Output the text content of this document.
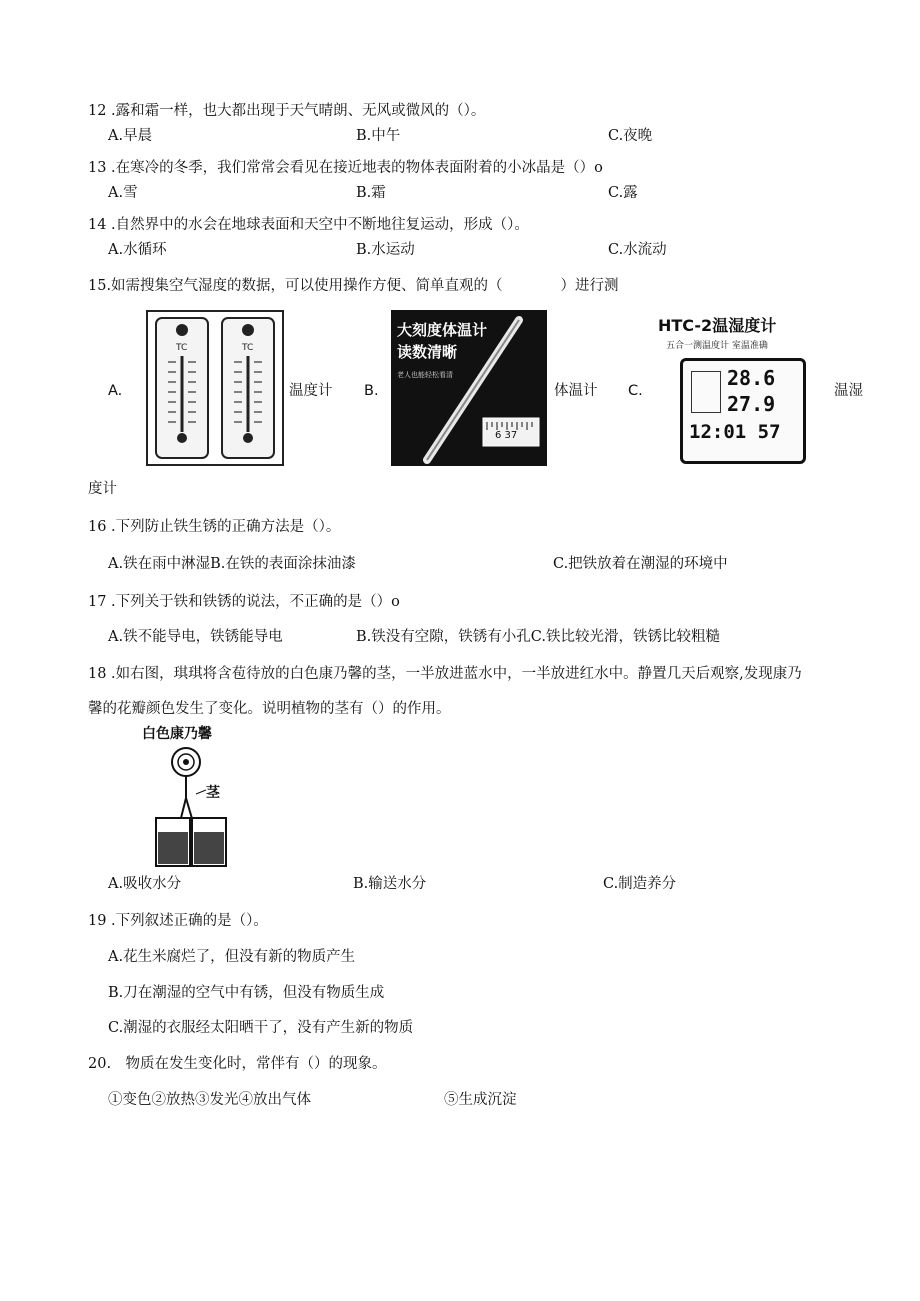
12 .露和霜一样，也大都出现于天气晴朗、无风或微风的（）。
A.早晨	B.中午	C.夜晚
13 .在寒冷的冬季，我们常常会看见在接近地表的物体表面附着的小冰晶是（）o
A.雪	B.霜	C.露
14 .自然界中的水会在地球表面和天空中不断地往复运动，形成（）。
A.水循环	B.水运动	C.水流动
15.如需搜集空气湿度的数据，可以使用操作方便、简单直观的（　　　　）进行测
A.
TC	TC
温度计 B.
大刻度体温计
读数清晰
老人也能轻松看清
6 37
体温计 C.
HTC-2温湿度计
五合一测温度计 室温准确
28.6
27.9
12:01 57
温湿
度计
16 .下列防止铁生锈的正确方法是（）。
A.铁在雨中淋湿B.在铁的表面涂抹油漆	C.把铁放着在潮湿的环境中
17 .下列关于铁和铁锈的说法，不正确的是（）o
A.铁不能导电，铁锈能导电	B.铁没有空隙，铁锈有小孔C.铁比较光滑，铁锈比较粗糙
18 .如右图，琪琪将含苞待放的白色康乃馨的茎，一半放进蓝水中，一半放进红水中。静置几天后观察,发现康乃
馨的花瓣颜色发生了变化。说明植物的茎有（）的作用。
白色康乃馨
茎
A.吸收水分	B.输送水分	C.制造养分
19 .下列叙述正确的是（）。
A.花生米腐烂了，但没有新的物质产生
B.刀在潮湿的空气中有锈，但没有物质生成
C.潮湿的衣服经太阳晒干了，没有产生新的物质
20.　物质在发生变化时，常伴有（）的现象。
①变色②放热③发光④放出气体	⑤生成沉淀
